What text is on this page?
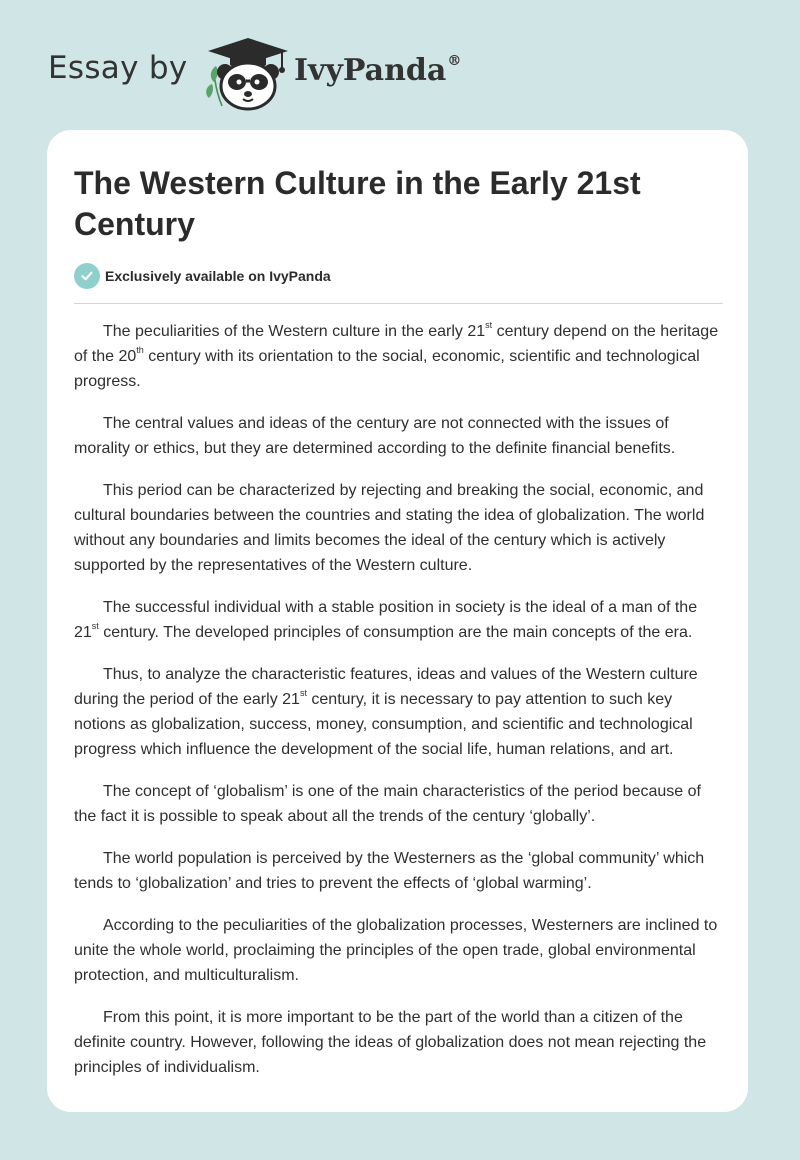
Essay by	IvyPanda®
The Western Culture in the Early 21st Century
Exclusively available on IvyPanda

The peculiarities of the Western culture in the early 21st century depend on the heritage of the 20th century with its orientation to the social, economic, scientific and technological progress.

The central values and ideas of the century are not connected with the issues of morality or ethics, but they are determined according to the definite financial benefits.

This period can be characterized by rejecting and breaking the social, economic, and cultural boundaries between the countries and stating the idea of globalization. The world without any boundaries and limits becomes the ideal of the century which is actively supported by the representatives of the Western culture.

The successful individual with a stable position in society is the ideal of a man of the 21st century. The developed principles of consumption are the main concepts of the era.

Thus, to analyze the characteristic features, ideas and values of the Western culture during the period of the early 21st century, it is necessary to pay attention to such key notions as globalization, success, money, consumption, and scientific and technological progress which influence the development of the social life, human relations, and art.

The concept of ‘globalism’ is one of the main characteristics of the period because of the fact it is possible to speak about all the trends of the century ‘globally’.

The world population is perceived by the Westerners as the ‘global community’ which tends to ‘globalization’ and tries to prevent the effects of ‘global warming’.

According to the peculiarities of the globalization processes, Westerners are inclined to unite the whole world, proclaiming the principles of the open trade, global environmental protection, and multiculturalism.

From this point, it is more important to be the part of the world than a citizen of the definite country. However, following the ideas of globalization does not mean rejecting the principles of individualism.
